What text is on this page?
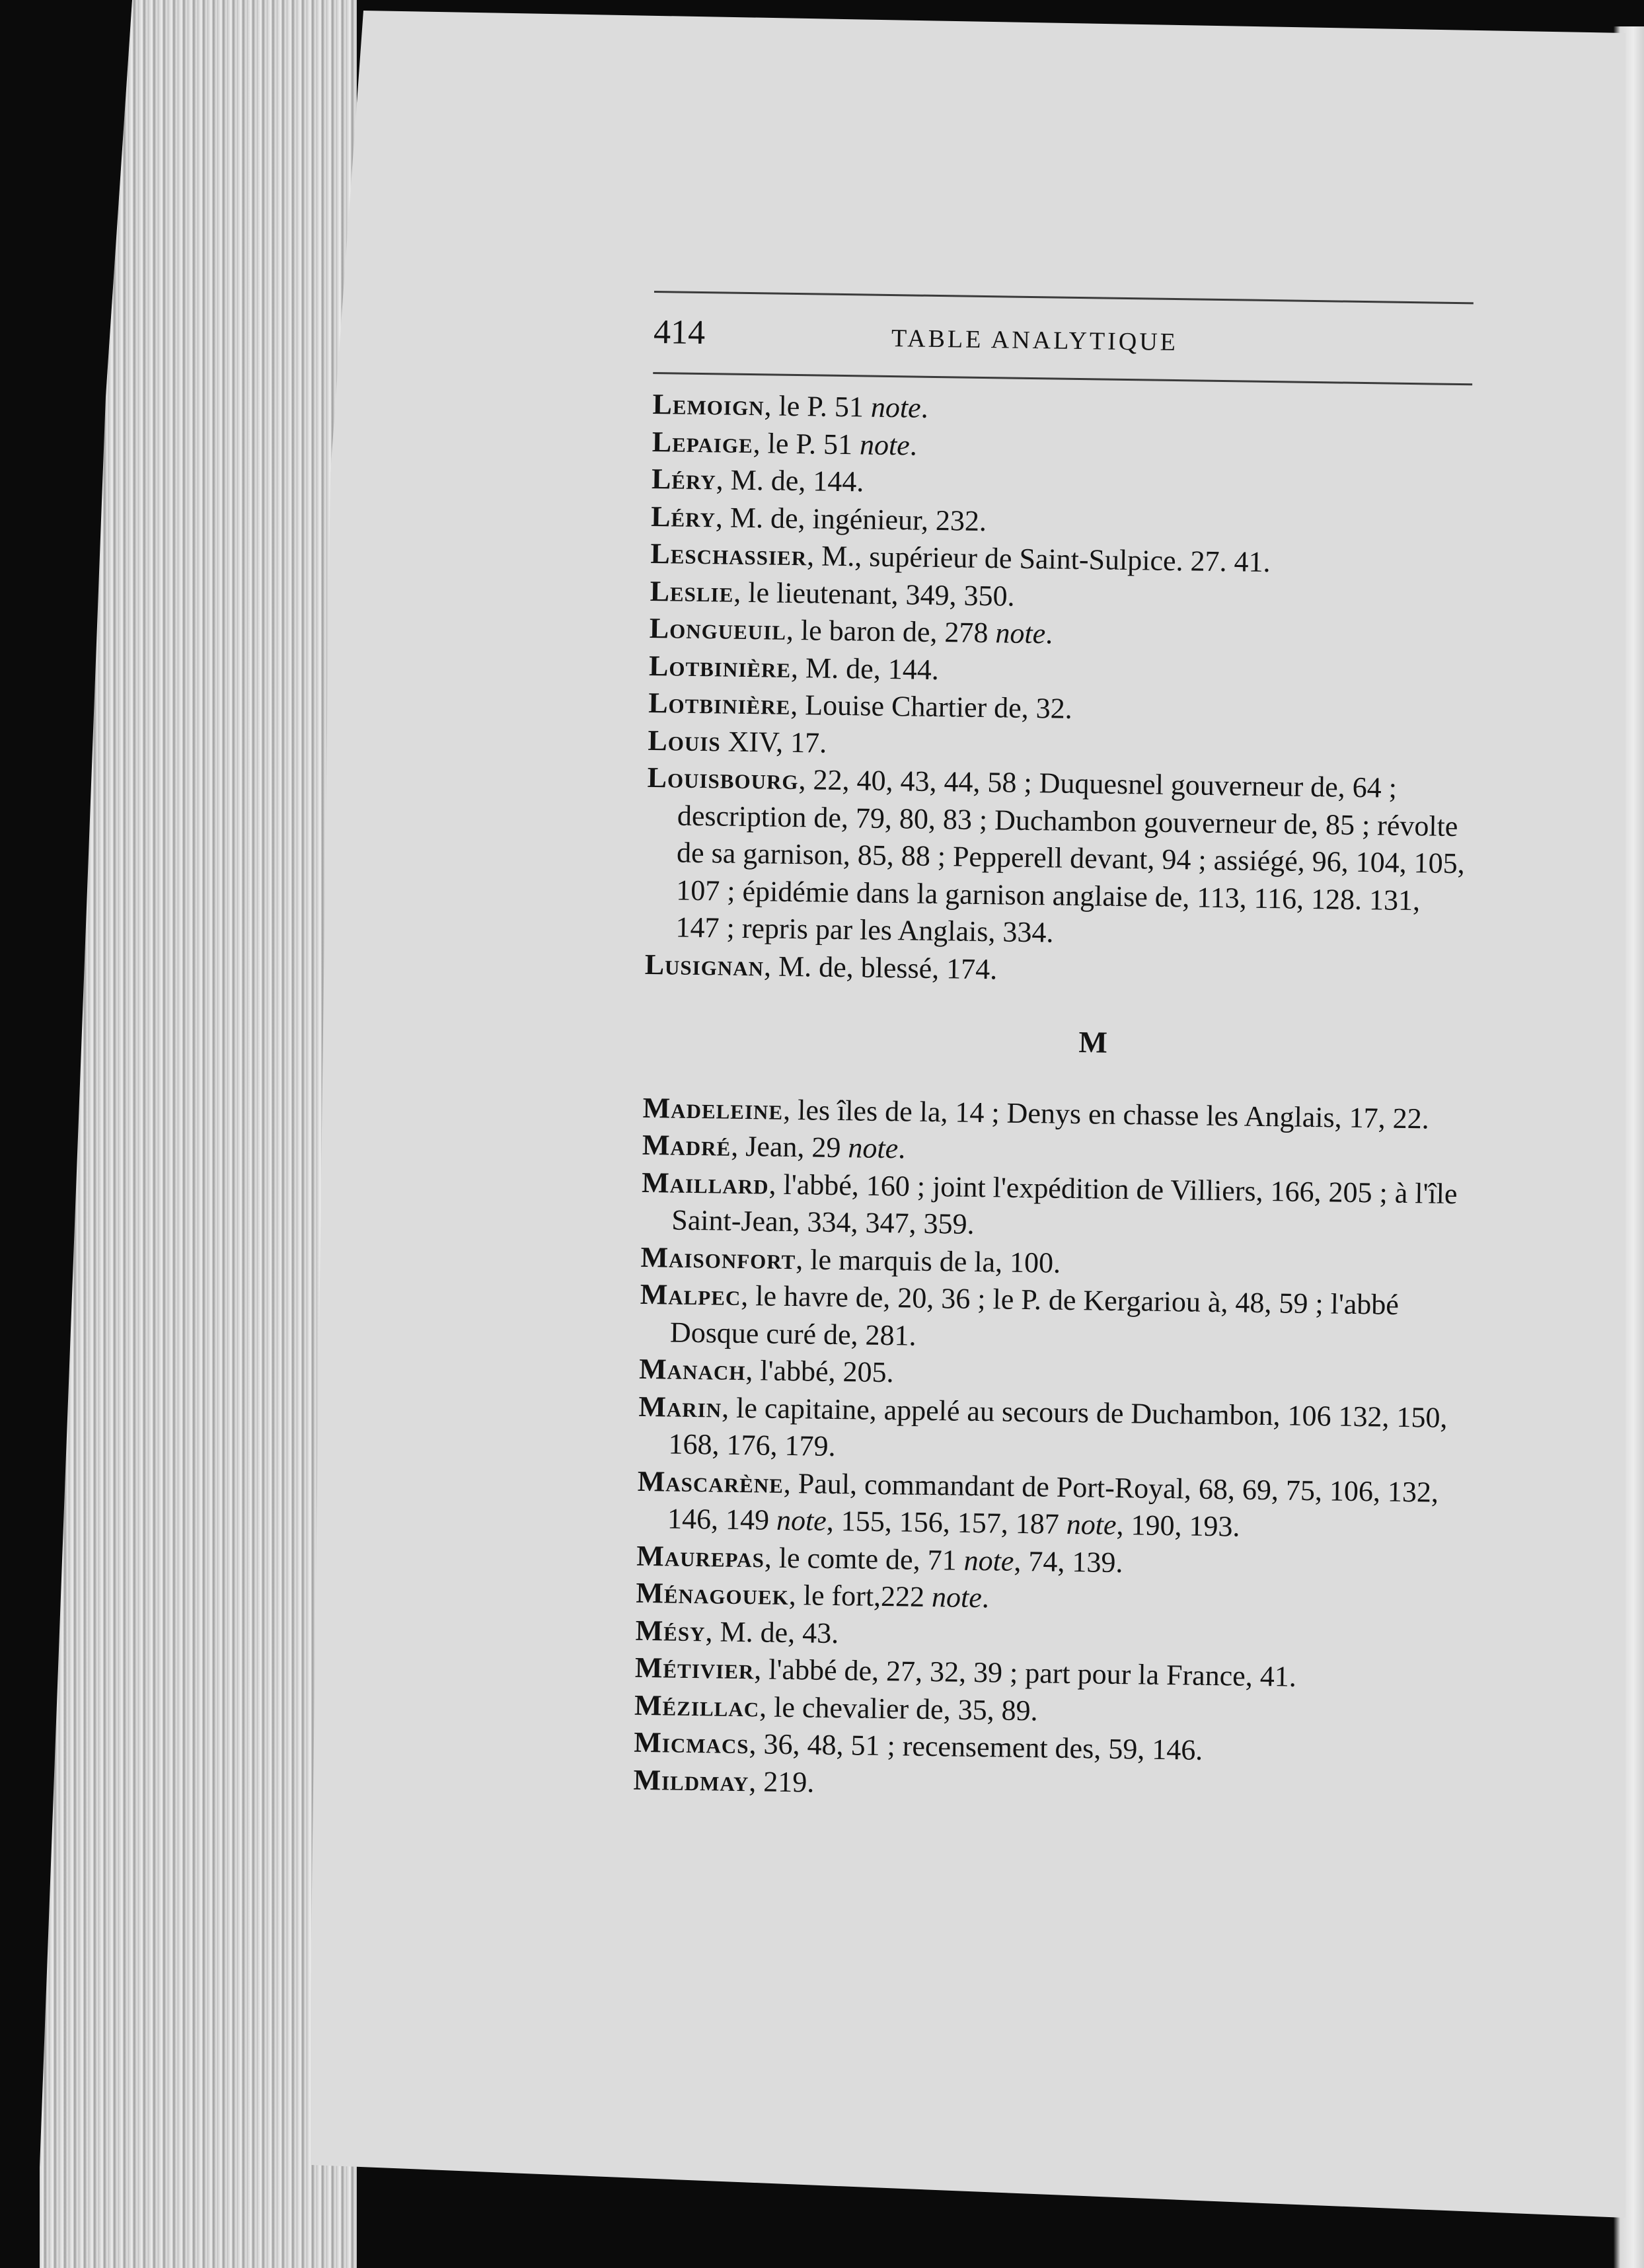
414	TABLE ANALYTIQUE
Lemoign, le P. 51 note.
Lepaige, le P. 51 note.
Léry, M. de, 144.
Léry, M. de, ingénieur, 232.
Leschassier, M., supérieur de Saint-Sulpice. 27. 41.
Leslie, le lieutenant, 349, 350.
Longueuil, le baron de, 278 note.
Lotbinière, M. de, 144.
Lotbinière, Louise Chartier de, 32.
Louis XIV, 17.
Louisbourg, 22, 40, 43, 44, 58 ; Duquesnel gouverneur de, 64 ; description de, 79, 80, 83 ; Duchambon gouverneur de, 85 ; révolte de sa garnison, 85, 88 ; Pepperell devant, 94 ; assiégé, 96, 104, 105, 107 ; épidémie dans la garnison anglaise de, 113, 116, 128. 131, 147 ; repris par les Anglais, 334.
Lusignan, M. de, blessé, 174.
M
Madeleine, les îles de la, 14 ; Denys en chasse les Anglais, 17, 22.
Madré, Jean, 29 note.
Maillard, l'abbé, 160 ; joint l'expédition de Villiers, 166, 205 ; à l'île Saint-Jean, 334, 347, 359.
Maisonfort, le marquis de la, 100.
Malpec, le havre de, 20, 36 ; le P. de Kergariou à, 48, 59 ; l'abbé Dosque curé de, 281.
Manach, l'abbé, 205.
Marin, le capitaine, appelé au secours de Duchambon, 106 132, 150, 168, 176, 179.
Mascarène, Paul, commandant de Port-Royal, 68, 69, 75, 106, 132, 146, 149 note, 155, 156, 157, 187 note, 190, 193.
Maurepas, le comte de, 71 note, 74, 139.
Ménagouek, le fort,222 note.
Mésy, M. de, 43.
Métivier, l'abbé de, 27, 32, 39 ; part pour la France, 41.
Mézillac, le chevalier de, 35, 89.
Micmacs, 36, 48, 51 ; recensement des, 59, 146.
Mildmay, 219.
